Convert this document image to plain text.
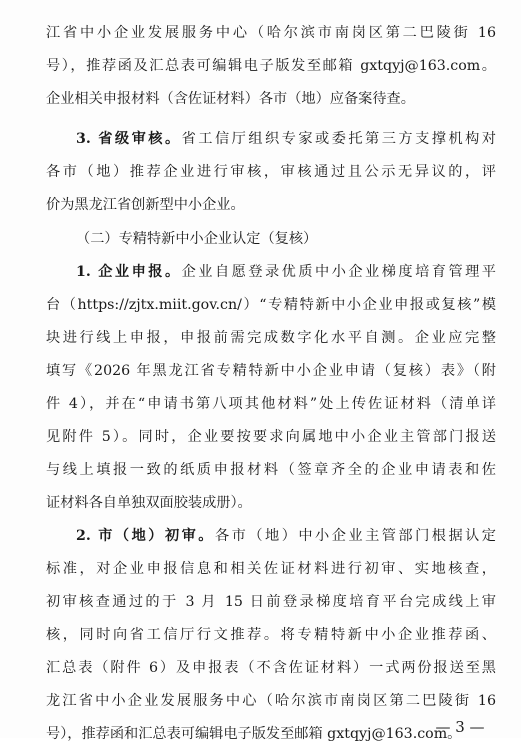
江省中小企业发展服务中心（哈尔滨市南岗区第二巴陵街 16
号），推荐函及汇总表可编辑电子版发至邮箱 gxtqyj@163.com。
企业相关申报材料（含佐证材料）各市（地）应备案待查。
3. 省级审核。省工信厅组织专家或委托第三方支撑机构对
各市（地）推荐企业进行审核，审核通过且公示无异议的，评
价为黑龙江省创新型中小企业。
（二）专精特新中小企业认定（复核）
1. 企业申报。企业自愿登录优质中小企业梯度培育管理平
台（https://zjtx.miit.gov.cn/）“专精特新中小企业申报或复核”模
块进行线上申报，申报前需完成数字化水平自测。企业应完整
填写《2026 年黑龙江省专精特新中小企业申请（复核）表》（附
件 4），并在“申请书第八项其他材料”处上传佐证材料（清单详
见附件 5）。同时，企业要按要求向属地中小企业主管部门报送
与线上填报一致的纸质申报材料（签章齐全的企业申请表和佐
证材料各自单独双面胶装成册）。
2. 市（地）初审。各市（地）中小企业主管部门根据认定
标准，对企业申报信息和相关佐证材料进行初审、实地核查，
初审核查通过的于 3 月 15 日前登录梯度培育平台完成线上审
核，同时向省工信厅行文推荐。将专精特新中小企业推荐函、
汇总表（附件 6）及申报表（不含佐证材料）一式两份报送至黑
龙江省中小企业发展服务中心（哈尔滨市南岗区第二巴陵街 16
号），推荐函和汇总表可编辑电子版发至邮箱 gxtqyj@163.com。
— 3 —
